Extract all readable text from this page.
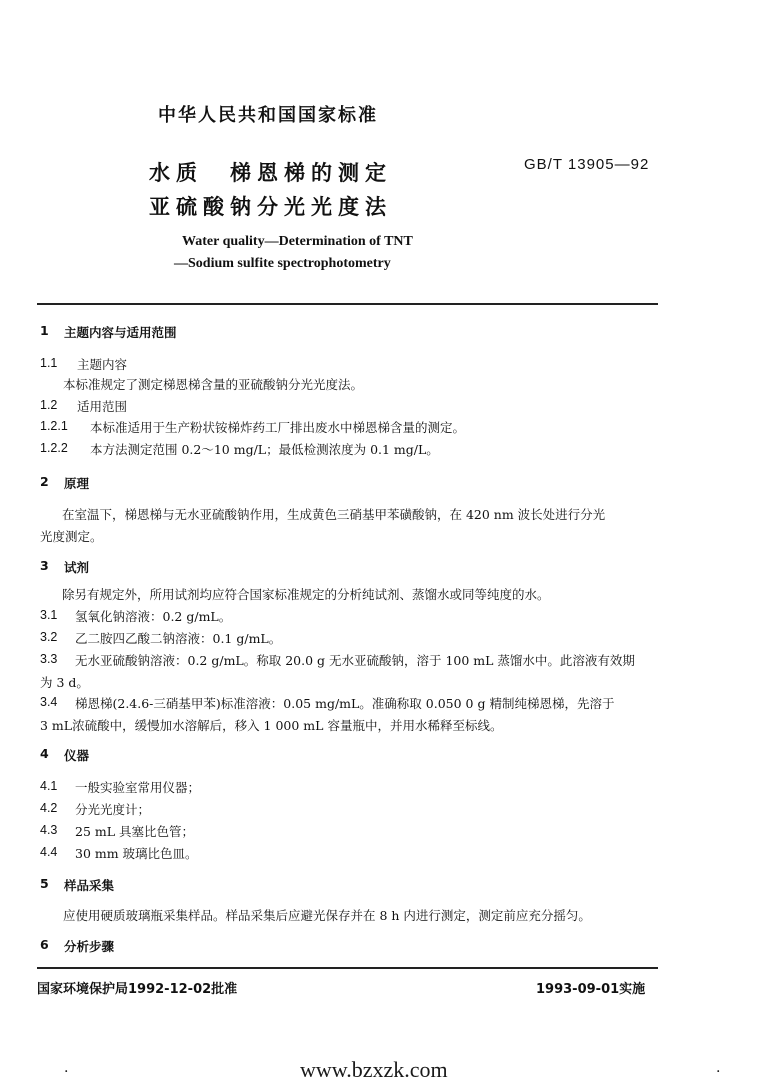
中华人民共和国国家标准
水质　梯恩梯的测定
亚硫酸钠分光光度法
GB/T 13905—92
Water quality—Determination of TNT
—Sodium sulfite spectrophotometry
1 主题内容与适用范围
1.1 主题内容
本标准规定了测定梯恩梯含量的亚硫酸钠分光光度法。
1.2 适用范围
1.2.1 本标准适用于生产粉状铵梯炸药工厂排出废水中梯恩梯含量的测定。
1.2.2 本方法测定范围 0.2～10 mg/L；最低检测浓度为 0.1 mg/L。
2 原理
在室温下，梯恩梯与无水亚硫酸钠作用，生成黄色三硝基甲苯磺酸钠，在 420 nm 波长处进行分光
光度测定。
3 试剂
除另有规定外，所用试剂均应符合国家标准规定的分析纯试剂、蒸馏水或同等纯度的水。
3.1 氢氧化钠溶液：0.2 g/mL。
3.2 乙二胺四乙酸二钠溶液：0.1 g/mL。
3.3 无水亚硫酸钠溶液：0.2 g/mL。称取 20.0 g 无水亚硫酸钠，溶于 100 mL 蒸馏水中。此溶液有效期
为 3 d。
3.4 梯恩梯(2.4.6-三硝基甲苯)标准溶液：0.05 mg/mL。准确称取 0.050 0 g 精制纯梯恩梯，先溶于
3 mL浓硫酸中，缓慢加水溶解后，移入 1 000 mL 容量瓶中，并用水稀释至标线。
4 仪器
4.1 一般实验室常用仪器；
4.2 分光光度计；
4.3 25 mL 具塞比色管；
4.4 30 mm 玻璃比色皿。
5 样品采集
应使用硬质玻璃瓶采集样品。样品采集后应避光保存并在 8 h 内进行测定，测定前应充分摇匀。
6 分析步骤
国家环境保护局1992-12-02批准	1993-09-01实施
.	www.bzxzk.com	.
